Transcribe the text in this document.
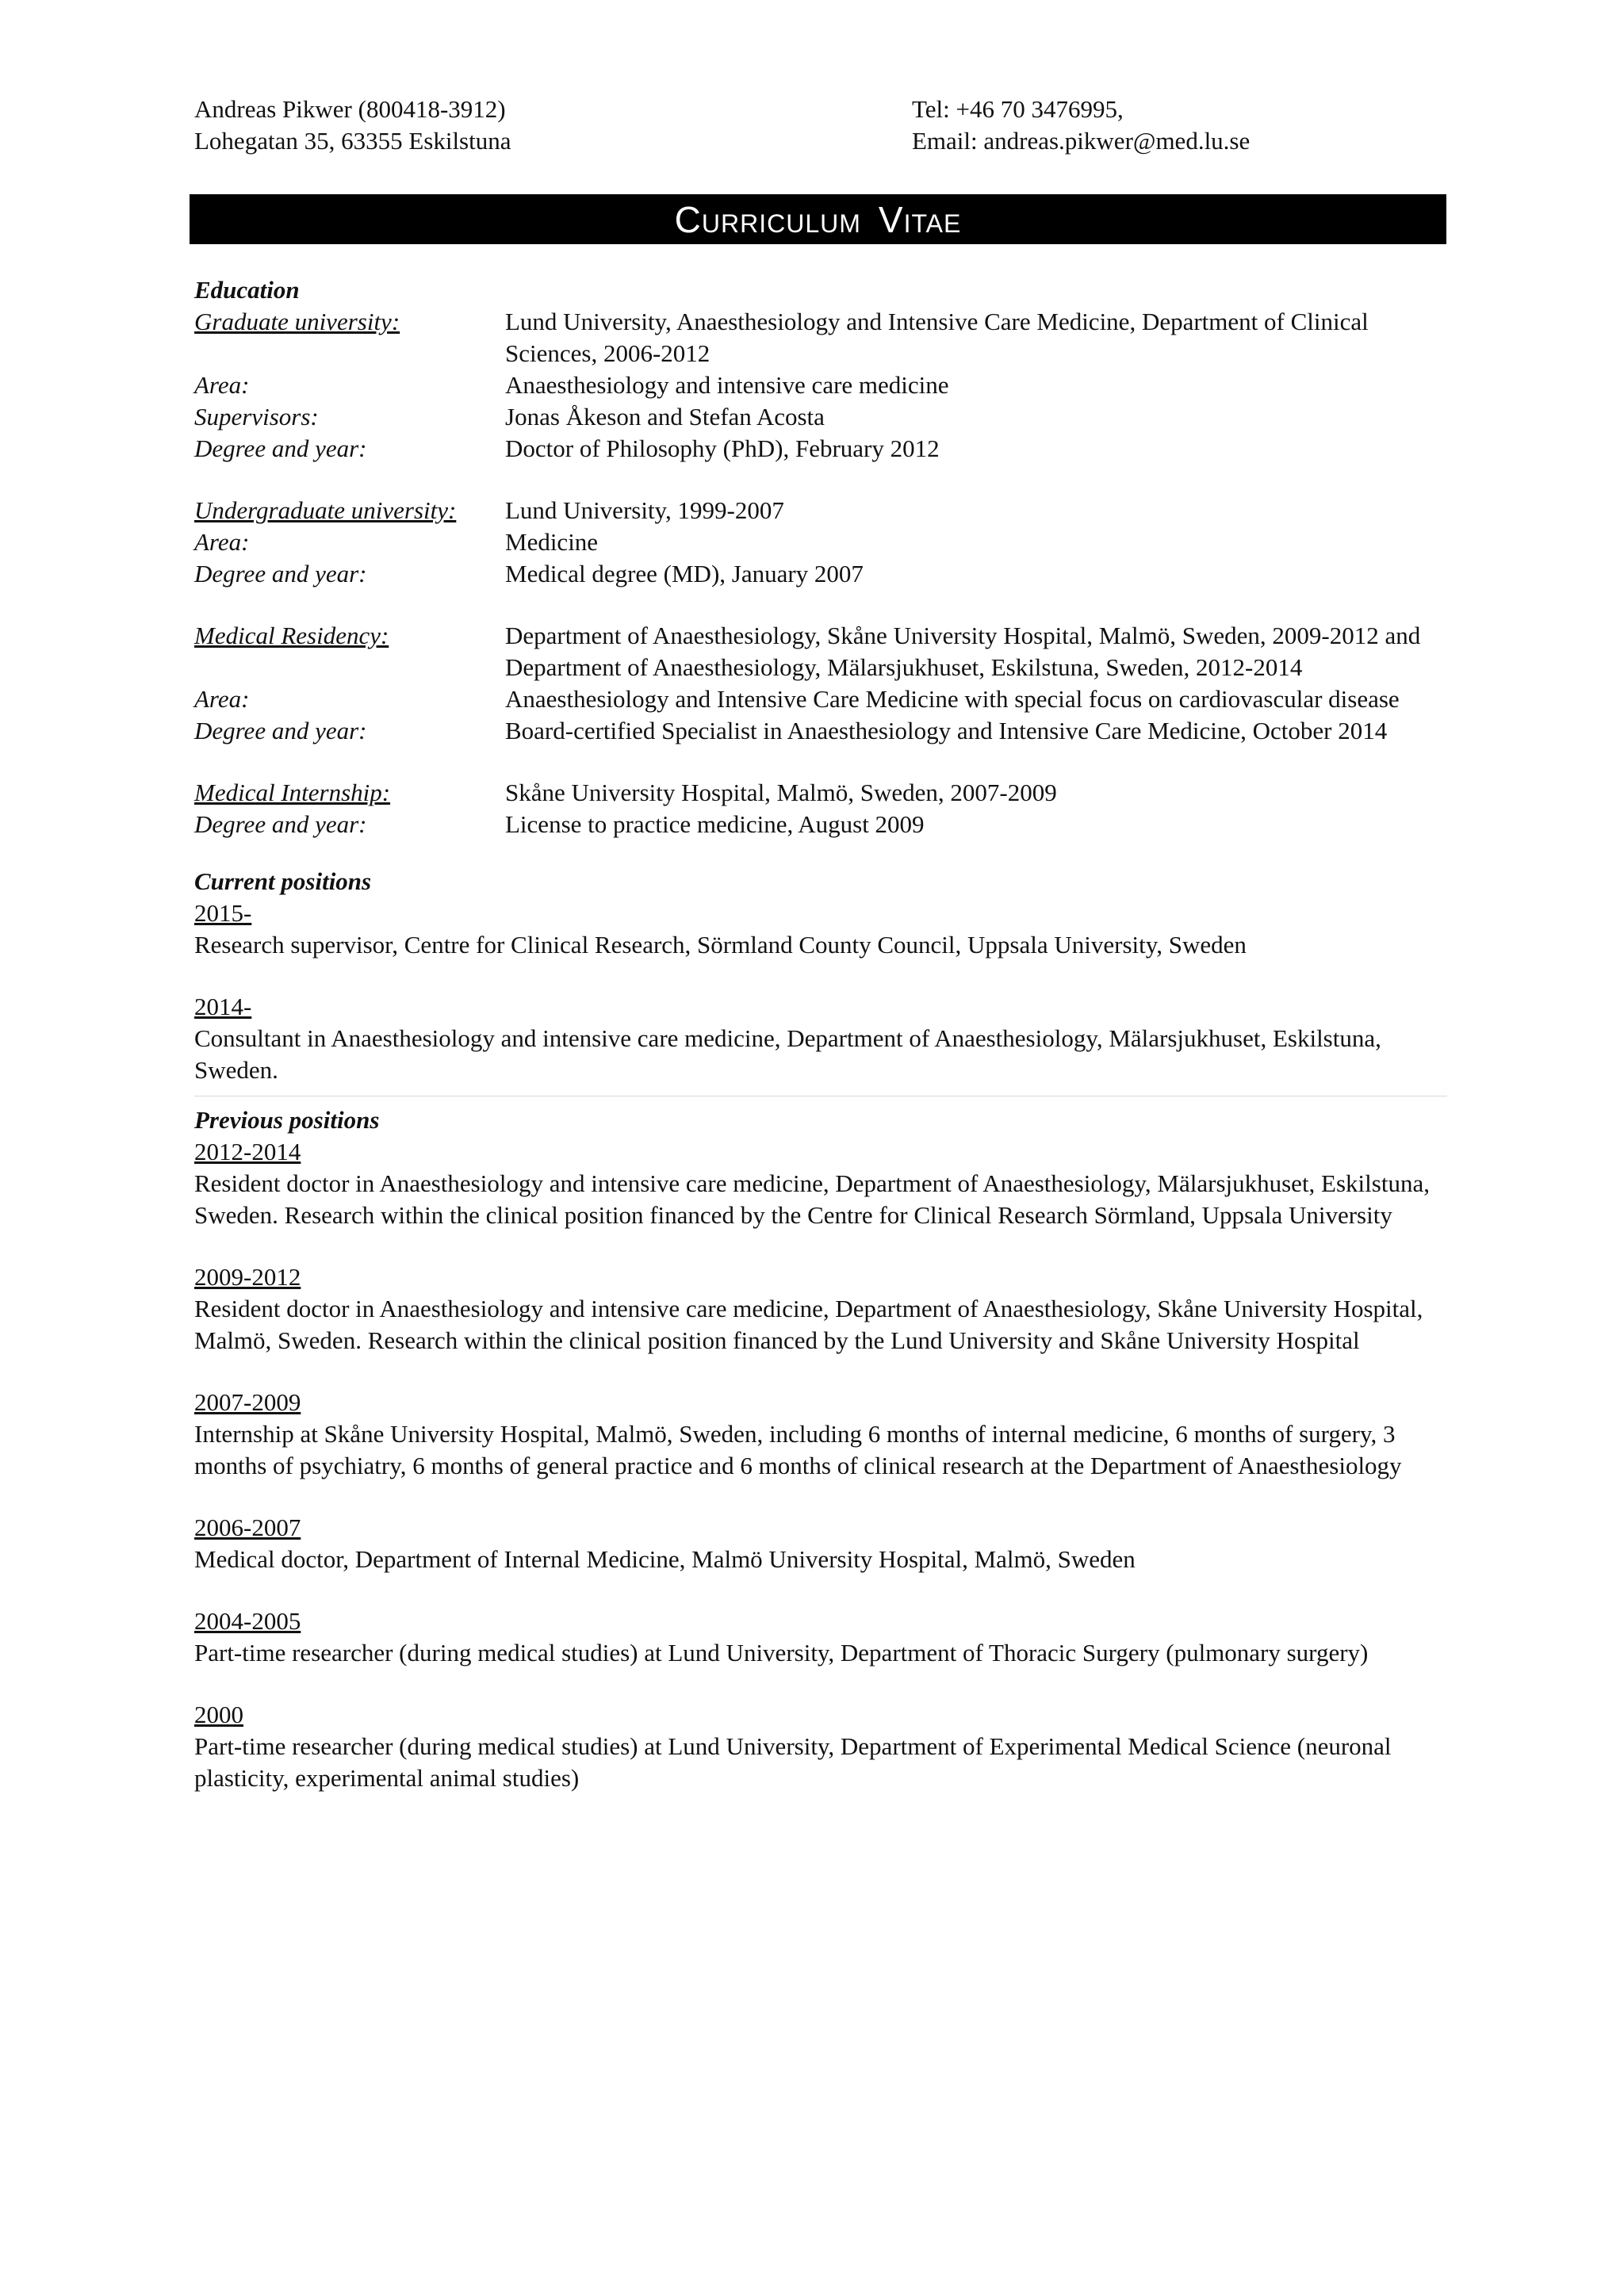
Andreas Pikwer (800418-3912)
Lohegatan 35, 63355 Eskilstuna
Tel: +46 70 3476995,
Email: andreas.pikwer@med.lu.se
Curriculum Vitae
Education
Graduate university:	Lund University, Anaesthesiology and Intensive Care Medicine, Department of Clinical Sciences, 2006-2012
Area:	Anaesthesiology and intensive care medicine
Supervisors:	Jonas Åkeson and Stefan Acosta
Degree and year:	Doctor of Philosophy (PhD), February 2012
Undergraduate university:	Lund University, 1999-2007
Area:	Medicine
Degree and year:	Medical degree (MD), January 2007
Medical Residency:	Department of Anaesthesiology, Skåne University Hospital, Malmö, Sweden, 2009-2012 and Department of Anaesthesiology, Mälarsjukhuset, Eskilstuna, Sweden, 2012-2014
Area:	Anaesthesiology and Intensive Care Medicine with special focus on cardiovascular disease
Degree and year:	Board-certified Specialist in Anaesthesiology and Intensive Care Medicine, October 2014
Medical Internship:	Skåne University Hospital, Malmö, Sweden, 2007-2009
Degree and year:	License to practice medicine, August 2009
Current positions
2015-
Research supervisor, Centre for Clinical Research, Sörmland County Council, Uppsala University, Sweden
2014-
Consultant in Anaesthesiology and intensive care medicine, Department of Anaesthesiology, Mälarsjukhuset, Eskilstuna, Sweden.
Previous positions
2012-2014
Resident doctor in Anaesthesiology and intensive care medicine, Department of Anaesthesiology, Mälarsjukhuset, Eskilstuna, Sweden. Research within the clinical position financed by the Centre for Clinical Research Sörmland, Uppsala University
2009-2012
Resident doctor in Anaesthesiology and intensive care medicine, Department of Anaesthesiology, Skåne University Hospital, Malmö, Sweden. Research within the clinical position financed by the Lund University and Skåne University Hospital
2007-2009
Internship at Skåne University Hospital, Malmö, Sweden, including 6 months of internal medicine, 6 months of surgery, 3 months of psychiatry, 6 months of general practice and 6 months of clinical research at the Department of Anaesthesiology
2006-2007
Medical doctor, Department of Internal Medicine, Malmö University Hospital, Malmö, Sweden
2004-2005
Part-time researcher (during medical studies) at Lund University, Department of Thoracic Surgery (pulmonary surgery)
2000
Part-time researcher (during medical studies) at Lund University, Department of Experimental Medical Science (neuronal plasticity, experimental animal studies)
